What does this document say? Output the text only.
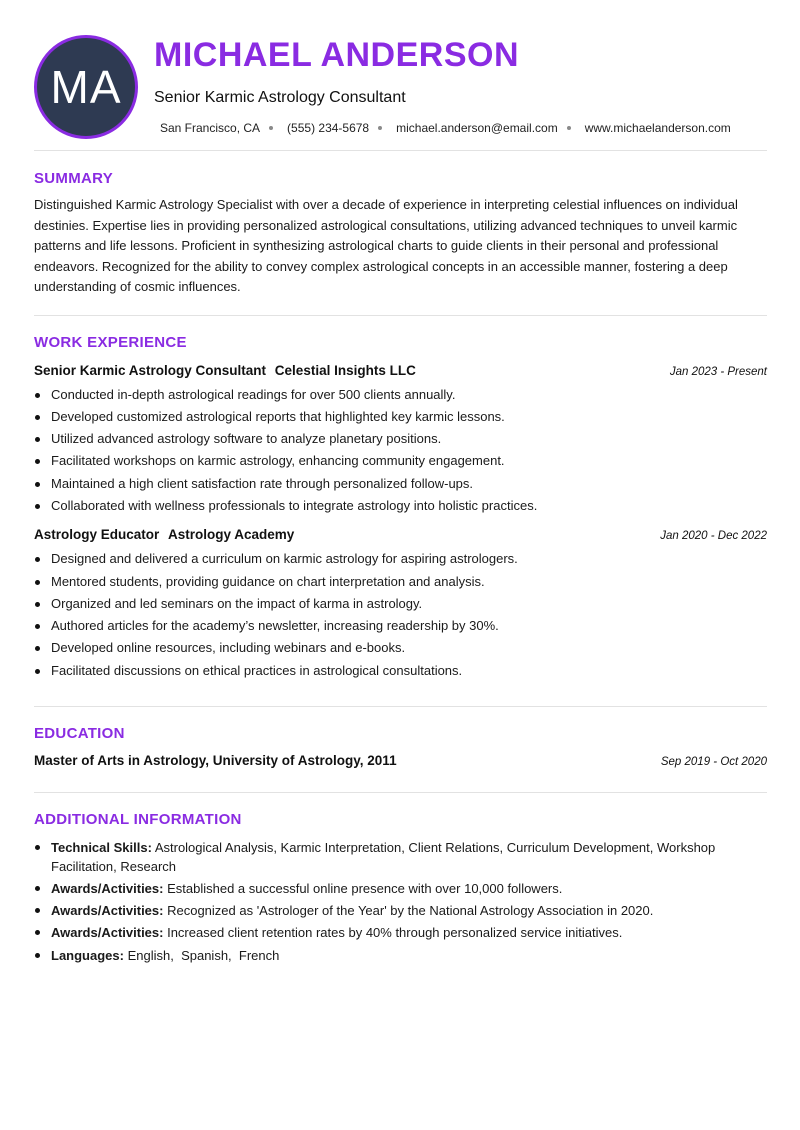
MA
MICHAEL ANDERSON
Senior Karmic Astrology Consultant
San Francisco, CA (555) 234-5678 michael.anderson@email.com www.michaelanderson.com
SUMMARY
Distinguished Karmic Astrology Specialist with over a decade of experience in interpreting celestial influences on individual destinies. Expertise lies in providing personalized astrological consultations, utilizing advanced techniques to unveil karmic patterns and life lessons. Proficient in synthesizing astrological charts to guide clients in their personal and professional endeavors. Recognized for the ability to convey complex astrological concepts in an accessible manner, fostering a deep understanding of cosmic influences.
WORK EXPERIENCE
Senior Karmic Astrology Consultant Celestial Insights LLC	Jan 2023 - Present
Conducted in-depth astrological readings for over 500 clients annually.
Developed customized astrological reports that highlighted key karmic lessons.
Utilized advanced astrology software to analyze planetary positions.
Facilitated workshops on karmic astrology, enhancing community engagement.
Maintained a high client satisfaction rate through personalized follow-ups.
Collaborated with wellness professionals to integrate astrology into holistic practices.
Astrology Educator Astrology Academy	Jan 2020 - Dec 2022
Designed and delivered a curriculum on karmic astrology for aspiring astrologers.
Mentored students, providing guidance on chart interpretation and analysis.
Organized and led seminars on the impact of karma in astrology.
Authored articles for the academy’s newsletter, increasing readership by 30%.
Developed online resources, including webinars and e-books.
Facilitated discussions on ethical practices in astrological consultations.
EDUCATION
Master of Arts in Astrology, University of Astrology, 2011	Sep 2019 - Oct 2020
ADDITIONAL INFORMATION
Technical Skills: Astrological Analysis, Karmic Interpretation, Client Relations, Curriculum Development, Workshop Facilitation, Research
Awards/Activities: Established a successful online presence with over 10,000 followers.
Awards/Activities: Recognized as 'Astrologer of the Year' by the National Astrology Association in 2020.
Awards/Activities: Increased client retention rates by 40% through personalized service initiatives.
Languages: English,  Spanish,  French
